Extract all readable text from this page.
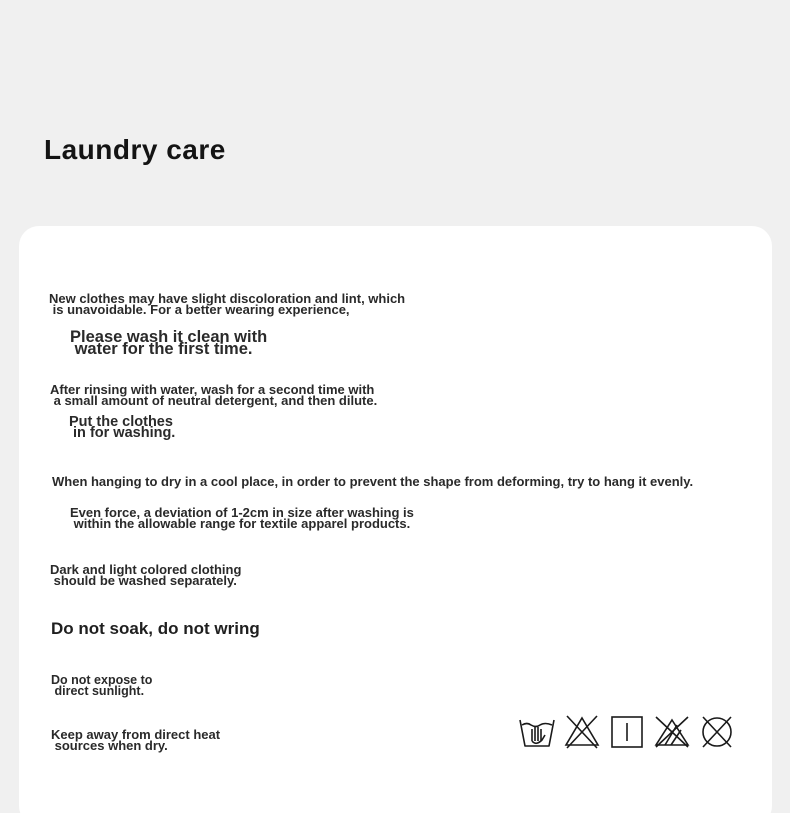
Laundry care
New clothes may have slight discoloration and lint, which
is unavoidable. For a better wearing experience,
Please wash it clean with
water for the first time.
After rinsing with water, wash for a second time with
a small amount of neutral detergent, and then dilute.
Put the clothes
in for washing.
When hanging to dry in a cool place, in order to prevent the shape from deforming, try to hang it evenly.
Even force, a deviation of 1-2cm in size after washing is
within the allowable range for textile apparel products.
Dark and light colored clothing
should be washed separately.
Do not soak, do not wring
Do not expose to
direct sunlight.
Keep away from direct heat
sources when dry.
